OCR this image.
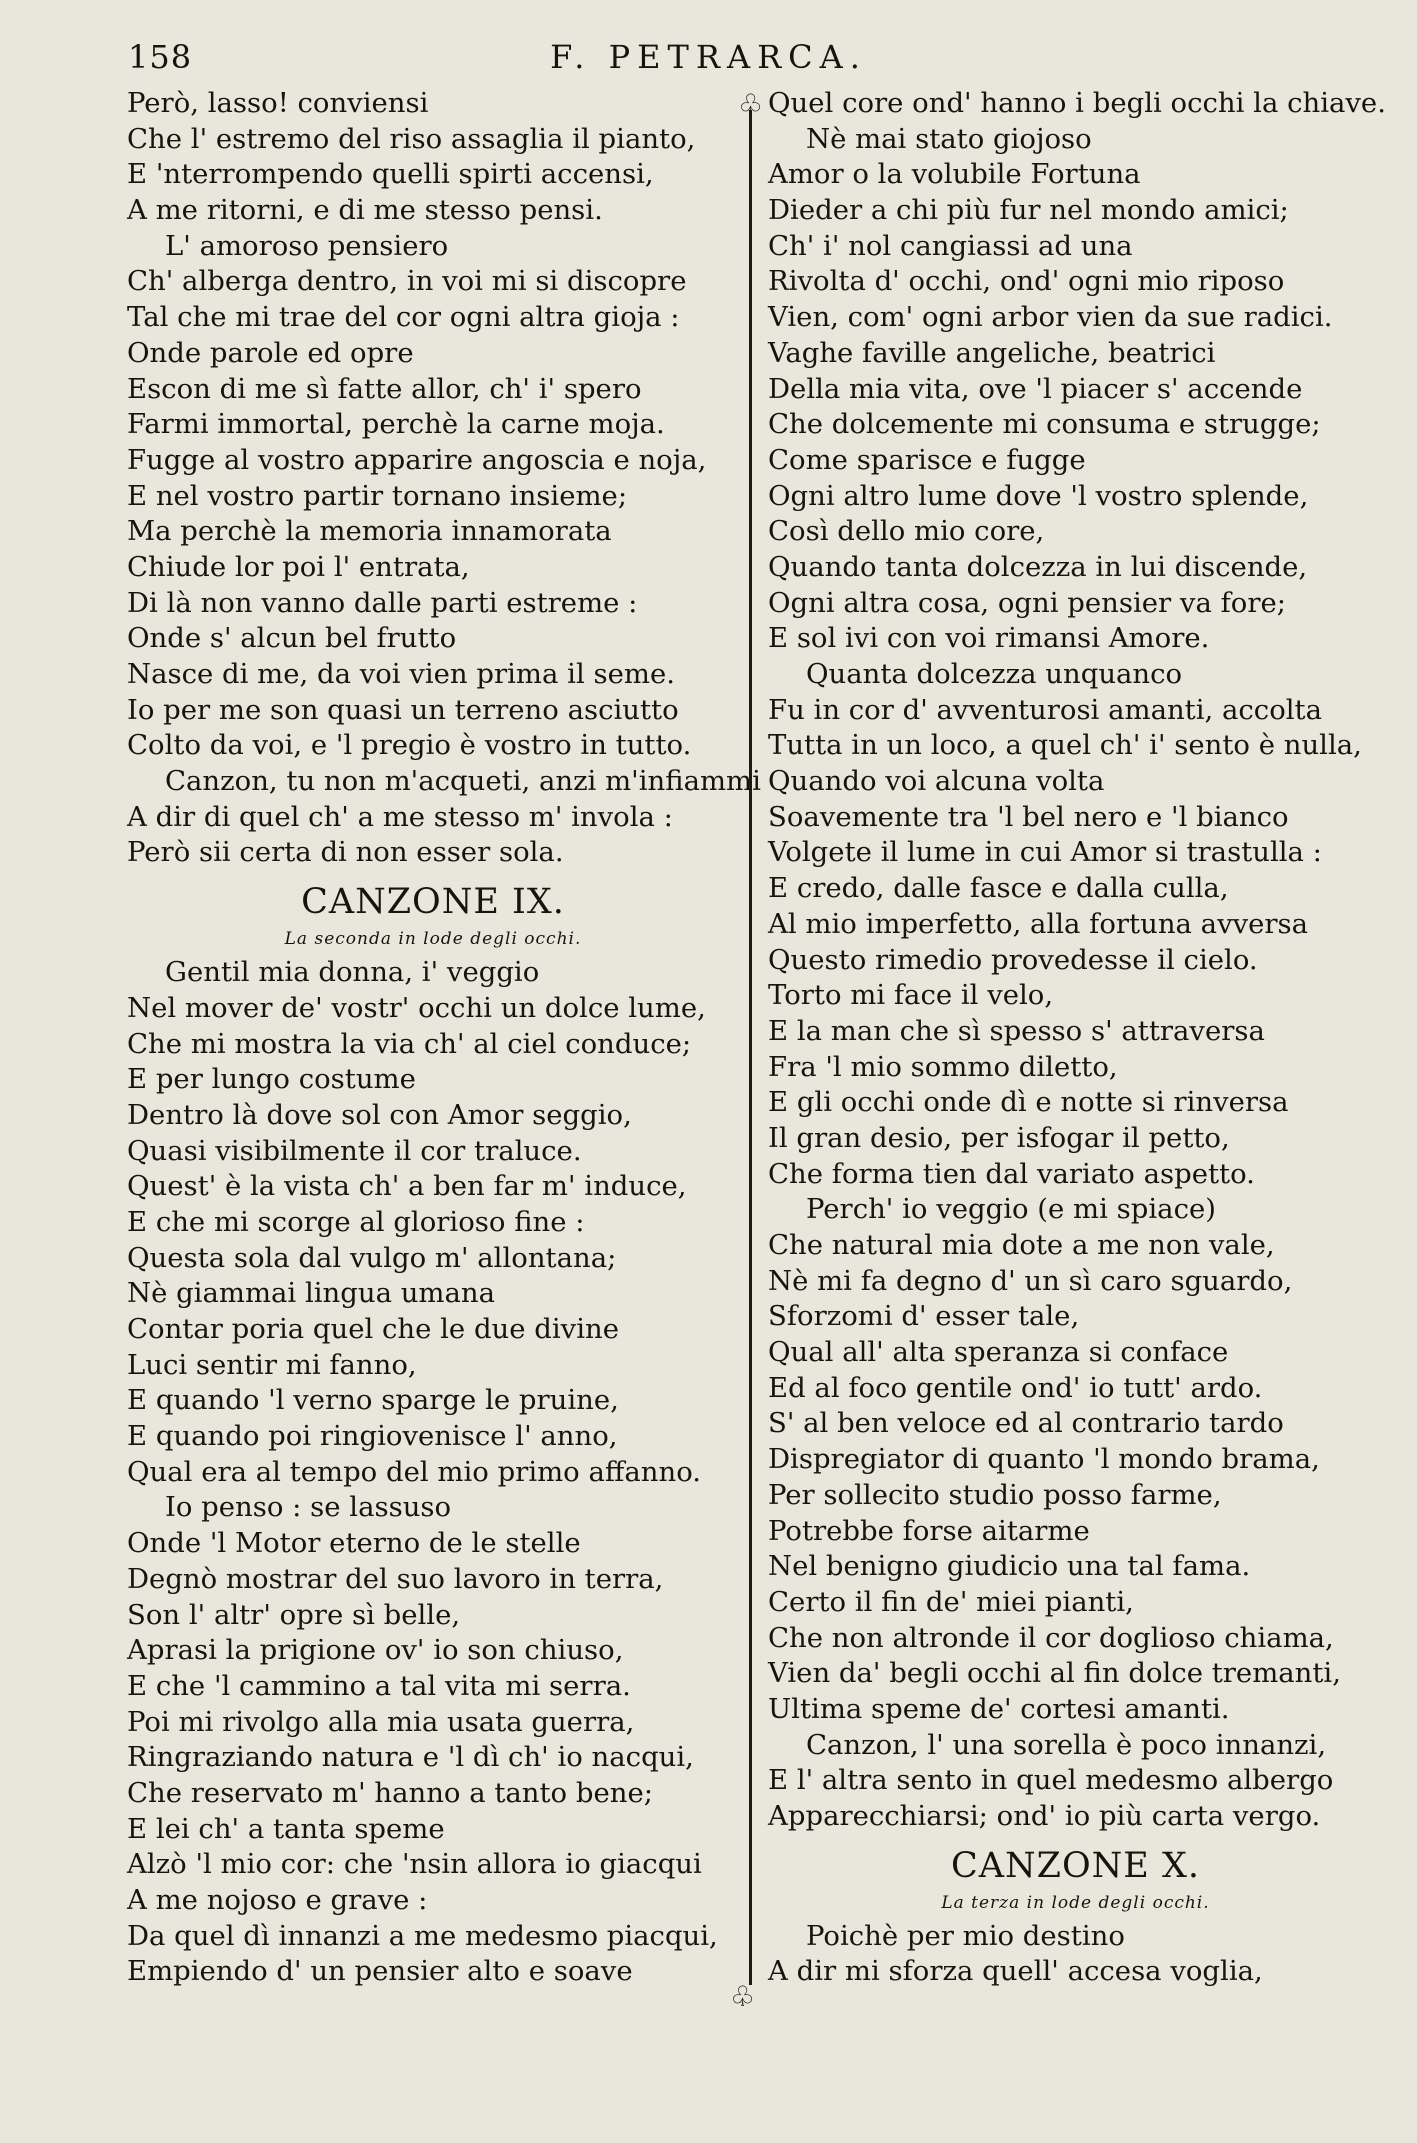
158	F. PETRARCA.
Però, lasso! conviensi
Che l' estremo del riso assaglia il pianto,
E 'nterrompendo quelli spirti accensi,
A me ritorni, e di me stesso pensi.
L' amoroso pensiero
Ch' alberga dentro, in voi mi si discopre
Tal che mi trae del cor ogni altra gioja :
Onde parole ed opre
Escon di me sì fatte allor, ch' i' spero
Farmi immortal, perchè la carne moja.
Fugge al vostro apparire angoscia e noja,
E nel vostro partir tornano insieme;
Ma perchè la memoria innamorata
Chiude lor poi l' entrata,
Di là non vanno dalle parti estreme :
Onde s' alcun bel frutto
Nasce di me, da voi vien prima il seme.
Io per me son quasi un terreno asciutto
Colto da voi, e 'l pregio è vostro in tutto.
Canzon, tu non m'acqueti, anzi m'infiammi
A dir di quel ch' a me stesso m' invola :
Però sii certa di non esser sola.
CANZONE IX.
La seconda in lode degli occhi.
Gentil mia donna, i' veggio
Nel mover de' vostr' occhi un dolce lume,
Che mi mostra la via ch' al ciel conduce;
E per lungo costume
Dentro là dove sol con Amor seggio,
Quasi visibilmente il cor traluce.
Quest' è la vista ch' a ben far m' induce,
E che mi scorge al glorioso fine :
Questa sola dal vulgo m' allontana;
Nè giammai lingua umana
Contar poria quel che le due divine
Luci sentir mi fanno,
E quando 'l verno sparge le pruine,
E quando poi ringiovenisce l' anno,
Qual era al tempo del mio primo affanno.
Io penso : se lassuso
Onde 'l Motor eterno de le stelle
Degnò mostrar del suo lavoro in terra,
Son l' altr' opre sì belle,
Aprasi la prigione ov' io son chiuso,
E che 'l cammino a tal vita mi serra.
Poi mi rivolgo alla mia usata guerra,
Ringraziando natura e 'l dì ch' io nacqui,
Che reservato m' hanno a tanto bene;
E lei ch' a tanta speme
Alzò 'l mio cor: che 'nsin allora io giacqui
A me nojoso e grave :
Da quel dì innanzi a me medesmo piacqui,
Empiendo d' un pensier alto e soave
♧ Quel core ond' hanno i begli occhi la chiave.
Nè mai stato giojoso
Amor o la volubile Fortuna
Dieder a chi più fur nel mondo amici;
Ch' i' nol cangiassi ad una
Rivolta d' occhi, ond' ogni mio riposo
Vien, com' ogni arbor vien da sue radici.
Vaghe faville angeliche, beatrici
Della mia vita, ove 'l piacer s' accende
Che dolcemente mi consuma e strugge;
Come sparisce e fugge
Ogni altro lume dove 'l vostro splende,
Così dello mio core,
Quando tanta dolcezza in lui discende,
Ogni altra cosa, ogni pensier va fore;
E sol ivi con voi rimansi Amore.
Quanta dolcezza unquanco
Fu in cor d' avventurosi amanti, accolta
Tutta in un loco, a quel ch' i' sento è nulla,
Quando voi alcuna volta
Soavemente tra 'l bel nero e 'l bianco
Volgete il lume in cui Amor si trastulla :
E credo, dalle fasce e dalla culla,
Al mio imperfetto, alla fortuna avversa
Questo rimedio provedesse il cielo.
Torto mi face il velo,
E la man che sì spesso s' attraversa
Fra 'l mio sommo diletto,
E gli occhi onde dì e notte si rinversa
Il gran desio, per isfogar il petto,
Che forma tien dal variato aspetto.
Perch' io veggio (e mi spiace)
Che natural mia dote a me non vale,
Nè mi fa degno d' un sì caro sguardo,
Sforzomi d' esser tale,
Qual all' alta speranza si conface
Ed al foco gentile ond' io tutt' ardo.
S' al ben veloce ed al contrario tardo
Dispregiator di quanto 'l mondo brama,
Per sollecito studio posso farme,
Potrebbe forse aitarme
Nel benigno giudicio una tal fama.
Certo il fin de' miei pianti,
Che non altronde il cor doglioso chiama,
Vien da' begli occhi al fin dolce tremanti,
Ultima speme de' cortesi amanti.
Canzon, l' una sorella è poco innanzi,
E l' altra sento in quel medesmo albergo
Apparecchiarsi; ond' io più carta vergo.
CANZONE X.
La terza in lode degli occhi.
Poichè per mio destino
A dir mi sforza quell' accesa voglia,
♧
